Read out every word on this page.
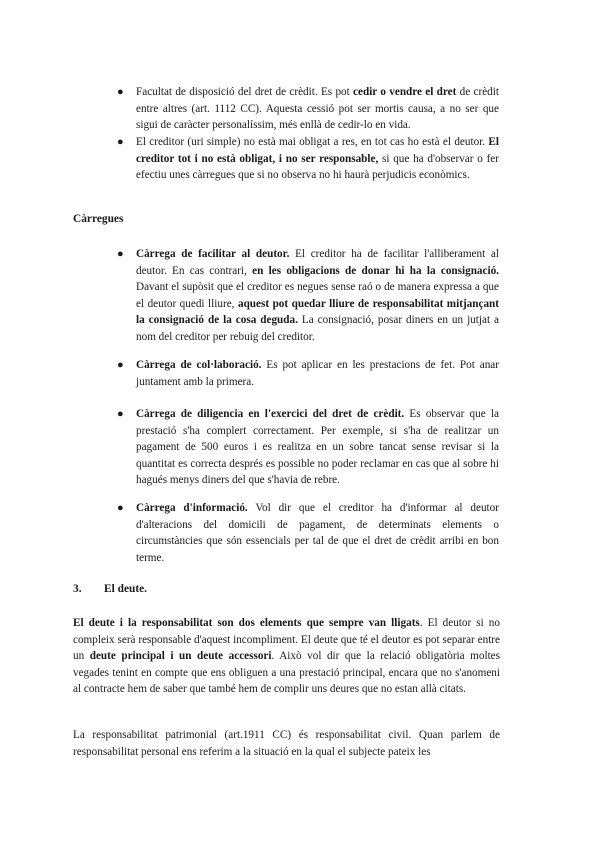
● Facultat de disposició del dret de crèdit. Es pot cedir o vendre el dret de crèdit entre altres (art. 1112 CC). Aquesta cessió pot ser mortis causa, a no ser que sigui de caràcter personalíssim, més enllà de cedir-lo en vida.
● El creditor (uri simple) no està mai obligat a res, en tot cas ho està el deutor. El creditor tot i no està obligat, i no ser responsable, si que ha d'observar o fer efectiu unes càrregues que si no observa no hi haurà perjudicis econòmics.
Càrregues
● Càrrega de facilitar al deutor. El creditor ha de facilitar l'alliberament al deutor. En cas contrari, en les obligacions de donar hi ha la consignació. Davant el supòsit que el creditor es negues sense raó o de manera expressa a que el deutor quedi lliure, aquest pot quedar lliure de responsabilitat mitjançant la consignació de la cosa deguda. La consignació, posar diners en un jutjat a nom del creditor per rebuig del creditor.
● Càrrega de col·laboració. Es pot aplicar en les prestacions de fet. Pot anar juntament amb la primera.
● Càrrega de diligencia en l'exercici del dret de crèdit. Es observar que la prestació s'ha complert correctament. Per exemple, si s'ha de realitzar un pagament de 500 euros i es realitza en un sobre tancat sense revisar si la quantitat es correcta després es possible no poder reclamar en cas que al sobre hi hagués menys diners del que s'havia de rebre.
● Càrrega d'informació. Vol dir que el creditor ha d'informar al deutor d'alteracions del domicili de pagament, de determinats elements o circumstàncies que són essencials per tal de que el dret de crèdit arribi en bon terme.
3. El deute.
El deute i la responsabilitat son dos elements que sempre van lligats. El deutor si no compleix serà responsable d'aquest incompliment. El deute que té el deutor es pot separar entre un deute principal i un deute accessori. Això vol dir que la relació obligatòria moltes vegades tenint en compte que ens obliguen a una prestació principal, encara que no s'anomeni al contracte hem de saber que també hem de complir uns deures que no estan allà citats.
La responsabilitat patrimonial (art.1911 CC) és responsabilitat civil. Quan parlem de responsabilitat personal ens referim a la situació en la qual el subjecte pateix les
